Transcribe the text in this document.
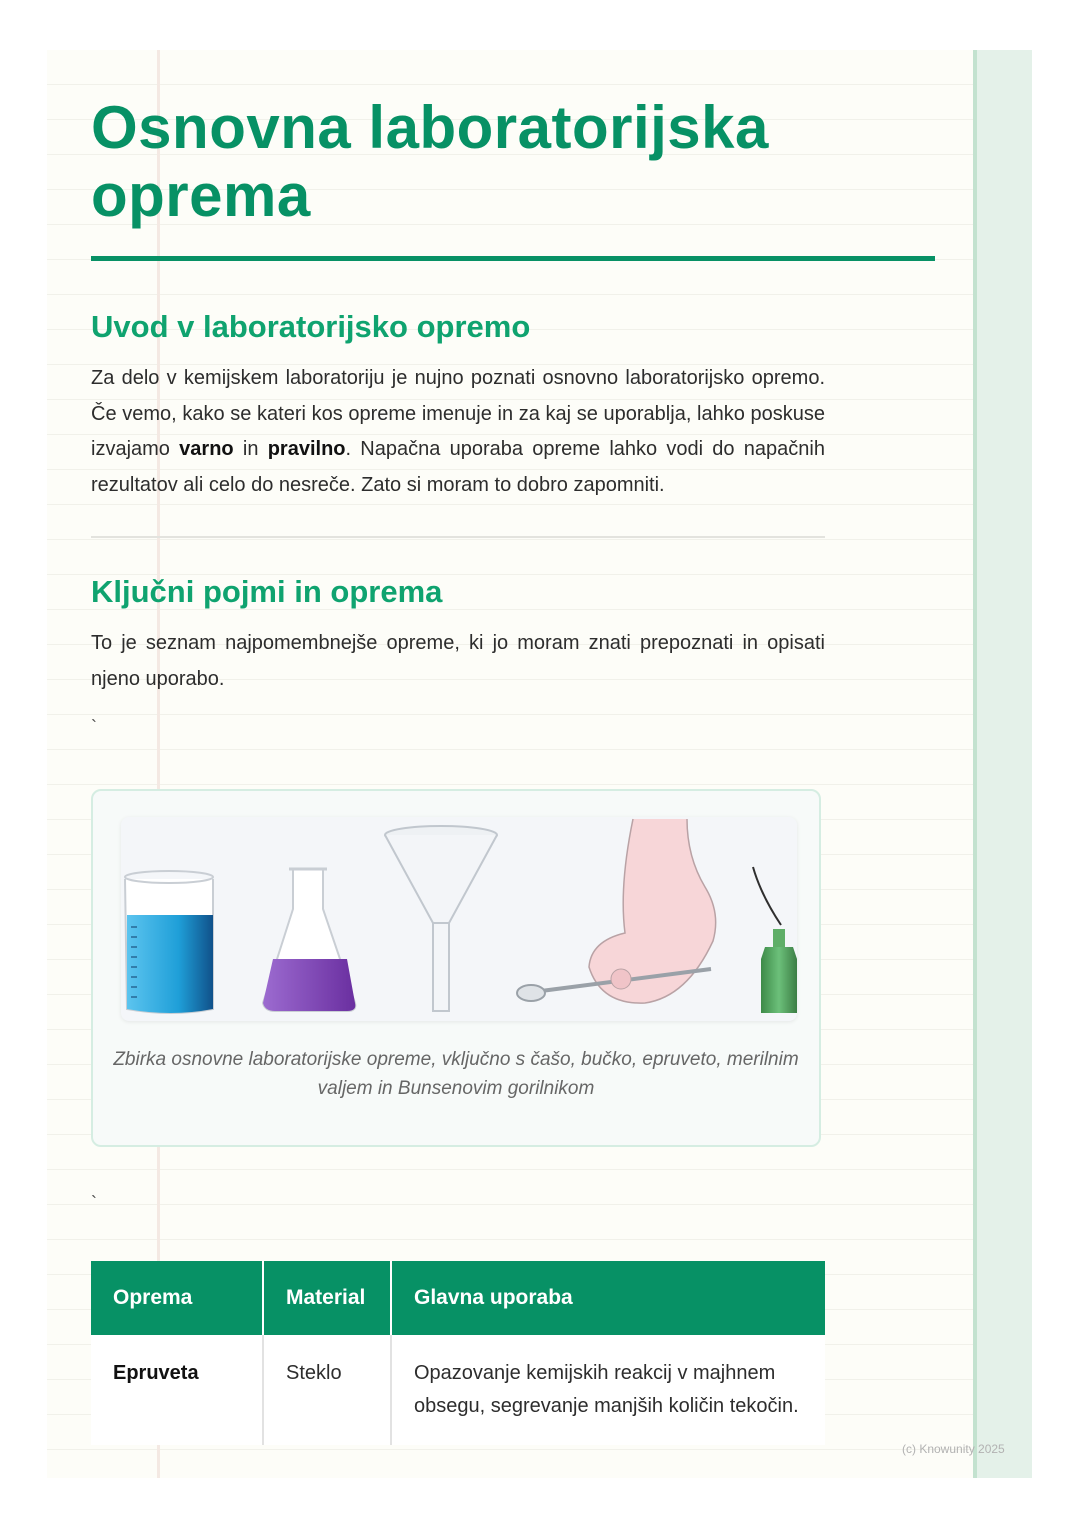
Osnovna laboratorijska oprema
Uvod v laboratorijsko opremo

Za delo v kemijskem laboratoriju je nujno poznati osnovno laboratorijsko opremo. Če vemo, kako se kateri kos opreme imenuje in za kaj se uporablja, lahko poskuse izvajamo varno in pravilno. Napačna uporaba opreme lahko vodi do napačnih rezultatov ali celo do nesreče. Zato si moram to dobro zapomniti.

Ključni pojmi in oprema

To je seznam najpomembnejše opreme, ki jo moram znati prepoznati in opisati njeno uporabo.

`
Zbirka osnovne laboratorijske opreme, vključno s čašo, bučko, epruveto, merilnim valjem in Bunsenovim gorilnikom
`
Oprema	Material	Glavna uporaba
Epruveta	Steklo	Opazovanje kemijskih reakcij v majhnem obsegu, segrevanje manjših količin tekočin.
(c) Knowunity 2025
